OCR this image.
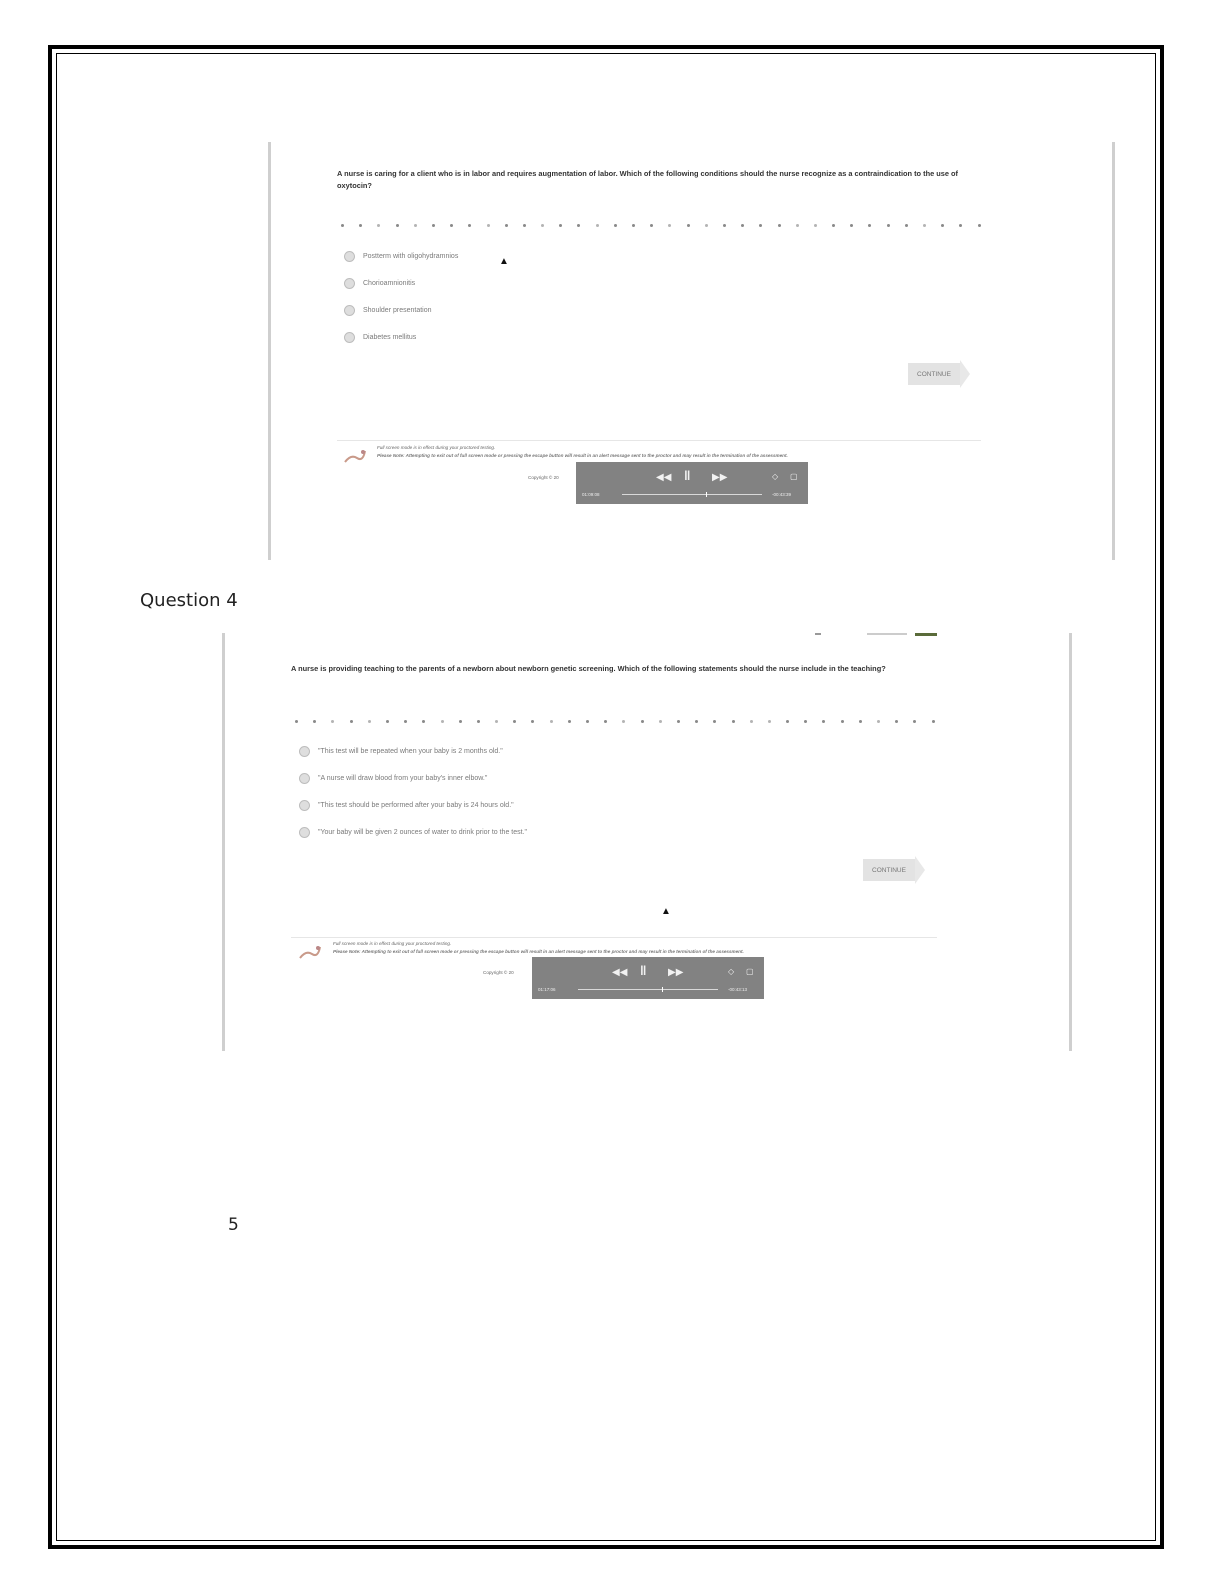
A nurse is caring for a client who is in labor and requires augmentation of labor. Which of the following conditions should the nurse recognize as a contraindication to the use of oxytocin?
Postterm with oligohydramnios
Chorioamnionitis
Shoulder presentation
Diabetes mellitus
▲
CONTINUE
Full screen mode is in effect during your proctored testing.
Please Note: Attempting to exit out of full screen mode or pressing the escape button will result in an alert message sent to the proctor and may result in the termination of the assessment.
Copyright © 20	◀◀ ‖ ▶▶	◇ ▢
01:09:08	-00:43:39
Question 4
A nurse is providing teaching to the parents of a newborn about newborn genetic screening. Which of the following statements should the nurse include in the teaching?
"This test will be repeated when your baby is 2 months old."
"A nurse will draw blood from your baby's inner elbow."
"This test should be performed after your baby is 24 hours old."
"Your baby will be given 2 ounces of water to drink prior to the test."
CONTINUE
▲
Full screen mode is in effect during your proctored testing.
Please Note: Attempting to exit out of full screen mode or pressing the escape button will result in an alert message sent to the proctor and may result in the termination of the assessment.
Copyright © 20	◀◀ ‖ ▶▶	◇ ▢
01:17:06	-00:43:13
5
